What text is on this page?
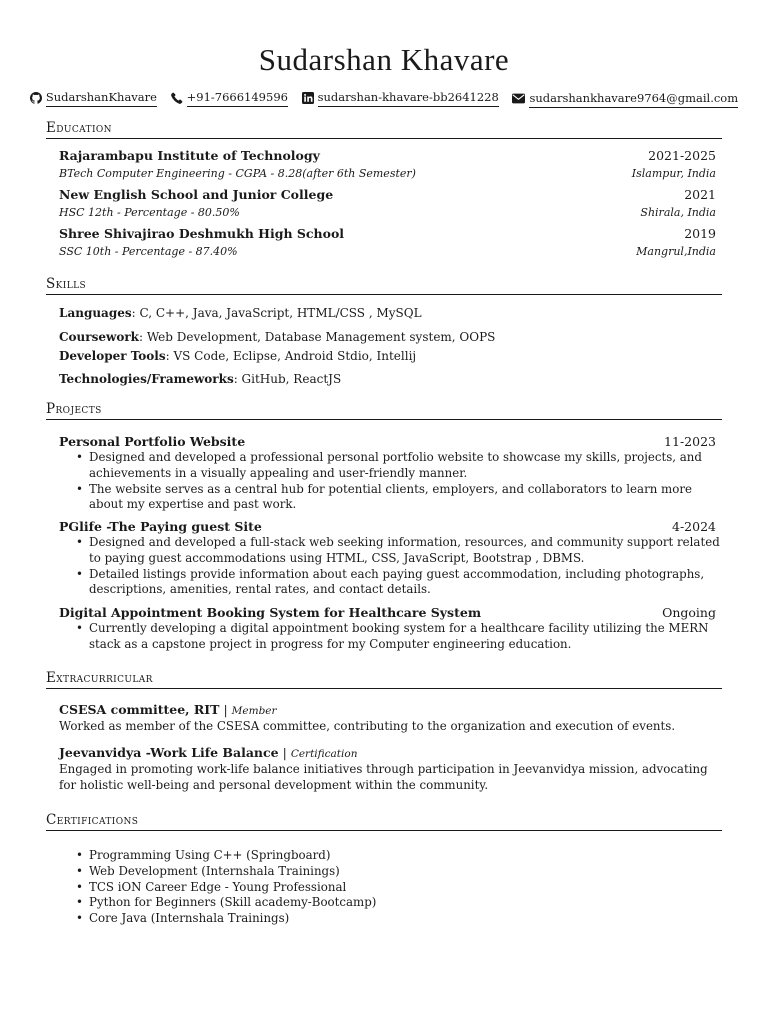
Sudarshan Khavare
SudarshanKhavare
	+91-7666149596
	sudarshan-khavare-bb2641228
	sudarshankhavare9764@gmail.com
Education
Rajarambapu Institute of Technology	2021-2025
BTech Computer Engineering - CGPA - 8.28(after 6th Semester)	Islampur, India
New English School and Junior College	2021
HSC 12th - Percentage - 80.50%	Shirala, India
Shree Shivajirao Deshmukh High School	2019
SSC 10th - Percentage - 87.40%	Mangrul,India
Skills
Languages: C, C++, Java, JavaScript, HTML/CSS , MySQL
Coursework: Web Development, Database Management system, OOPS
Developer Tools: VS Code, Eclipse, Android Stdio, Intellij
Technologies/Frameworks: GitHub, ReactJS
Projects
Personal Portfolio Website	11-2023
• Designed and developed a professional personal portfolio website to showcase my skills, projects, and achievements in a visually appealing and user-friendly manner.
• The website serves as a central hub for potential clients, employers, and collaborators to learn more about my expertise and past work.
PGlife -The Paying guest Site	4-2024
• Designed and developed a full-stack web seeking information, resources, and community support related to paying guest accommodations using HTML, CSS, JavaScript, Bootstrap , DBMS.
• Detailed listings provide information about each paying guest accommodation, including photographs, descriptions, amenities, rental rates, and contact details.
Digital Appointment Booking System for Healthcare System	Ongoing
• Currently developing a digital appointment booking system for a healthcare facility utilizing the MERN stack as a capstone project in progress for my Computer engineering education.
Extracurricular
CSESA committee, RIT | Member
Worked as member of the CSESA committee, contributing to the organization and execution of events.
Jeevanvidya -Work Life Balance | Certification
Engaged in promoting work-life balance initiatives through participation in Jeevanvidya mission, advocating for holistic well-being and personal development within the community.
Certifications
• Programming Using C++ (Springboard)
• Web Development (Internshala Trainings)
• TCS iON Career Edge - Young Professional
• Python for Beginners (Skill academy-Bootcamp)
• Core Java (Internshala Trainings)
